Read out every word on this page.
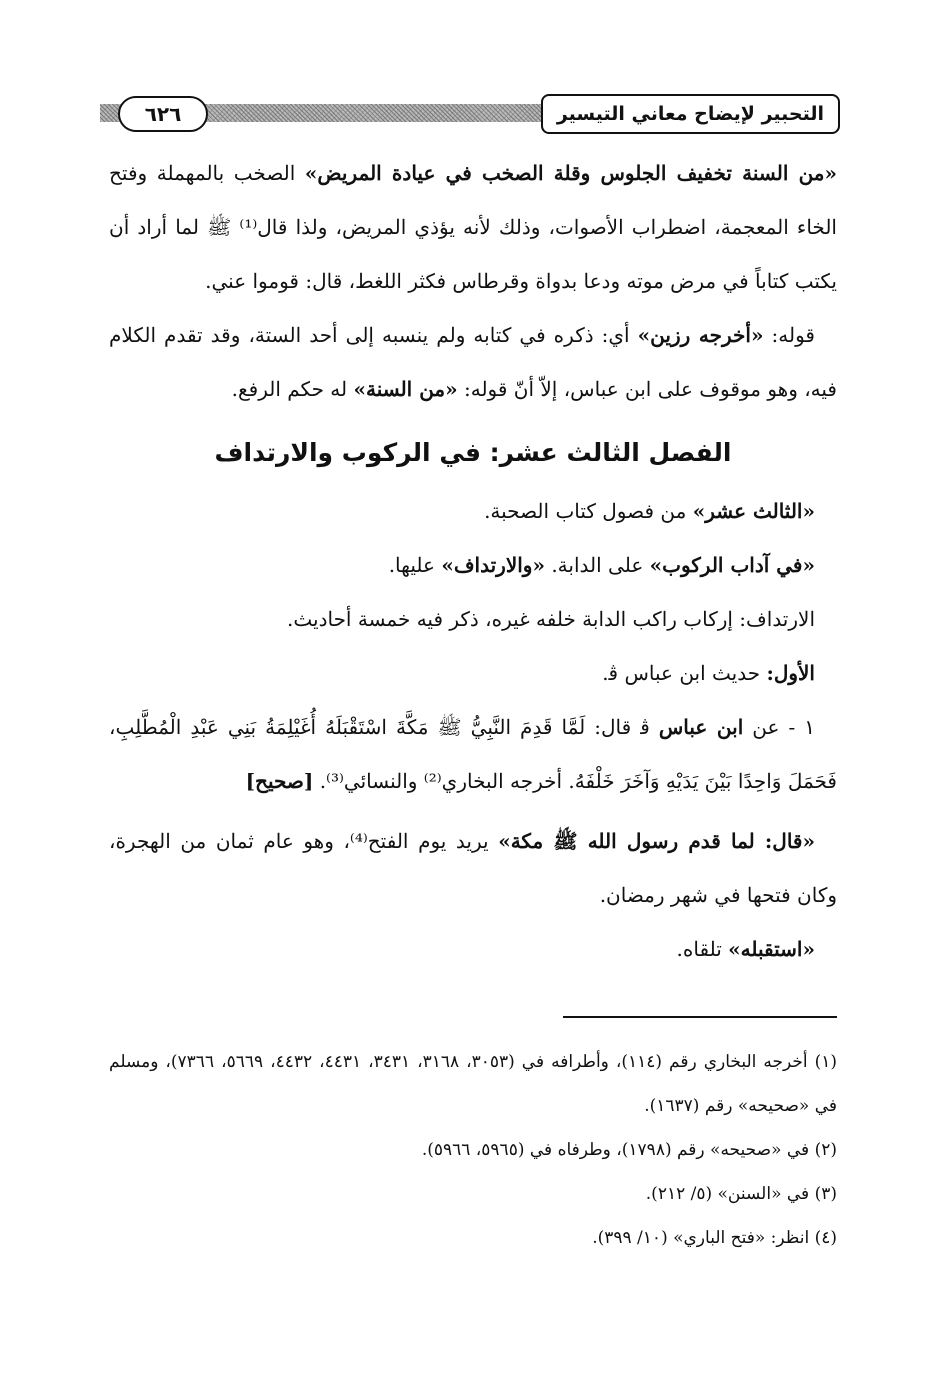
التحبير لإيضاح معاني التيسير
٦٢٦

«من السنة تخفيف الجلوس وقلة الصخب في عيادة المريض» الصخب بالمهملة وفتح الخاء المعجمة، اضطراب الأصوات، وذلك لأنه يؤذي المريض، ولذا قال⁽¹⁾ ﷺ لما أراد أن يكتب كتاباً في مرض موته ودعا بدواة وقرطاس فكثر اللغط، قال: قوموا عني.

قوله: «أخرجه رزين» أي: ذكره في كتابه ولم ينسبه إلى أحد الستة، وقد تقدم الكلام فيه، وهو موقوف على ابن عباس، إلاّ أنّ قوله: «من السنة» له حكم الرفع.

الفصل الثالث عشر: في الركوب والارتداف

«الثالث عشر» من فصول كتاب الصحبة.

«في آداب الركوب» على الدابة. «والارتداف» عليها.

الارتداف: إركاب راكب الدابة خلفه غيره، ذكر فيه خمسة أحاديث.

الأول: حديث ابن عباس ﭬ.

١ - عن ابن عباس ﭬ قال: لَمَّا قَدِمَ النَّبِيُّ ﷺ مَكَّةَ اسْتَقْبَلَهُ أُغَيْلِمَةُ بَنِي عَبْدِ الْمُطَّلِبِ، فَحَمَلَ وَاحِدًا بَيْنَ يَدَيْهِ وَآخَرَ خَلْفَهُ. أخرجه البخاري⁽²⁾ والنسائي⁽³⁾. [صحيح]

«قال: لما قدم رسول الله ﷺ مكة» يريد يوم الفتح⁽⁴⁾، وهو عام ثمان من الهجرة، وكان فتحها في شهر رمضان.

«استقبله» تلقاه.

(١) أخرجه البخاري رقم (١١٤)، وأطرافه في (٣٠٥٣، ٣١٦٨، ٣٤٣١، ٤٤٣١، ٤٤٣٢، ٥٦٦٩، ٧٣٦٦)، ومسلم في «صحيحه» رقم (١٦٣٧).

(٢) في «صحيحه» رقم (١٧٩٨)، وطرفاه في (٥٩٦٥، ٥٩٦٦).

(٣) في «السنن» (٥/ ٢١٢).

(٤) انظر: «فتح الباري» (١٠/ ٣٩٩).
